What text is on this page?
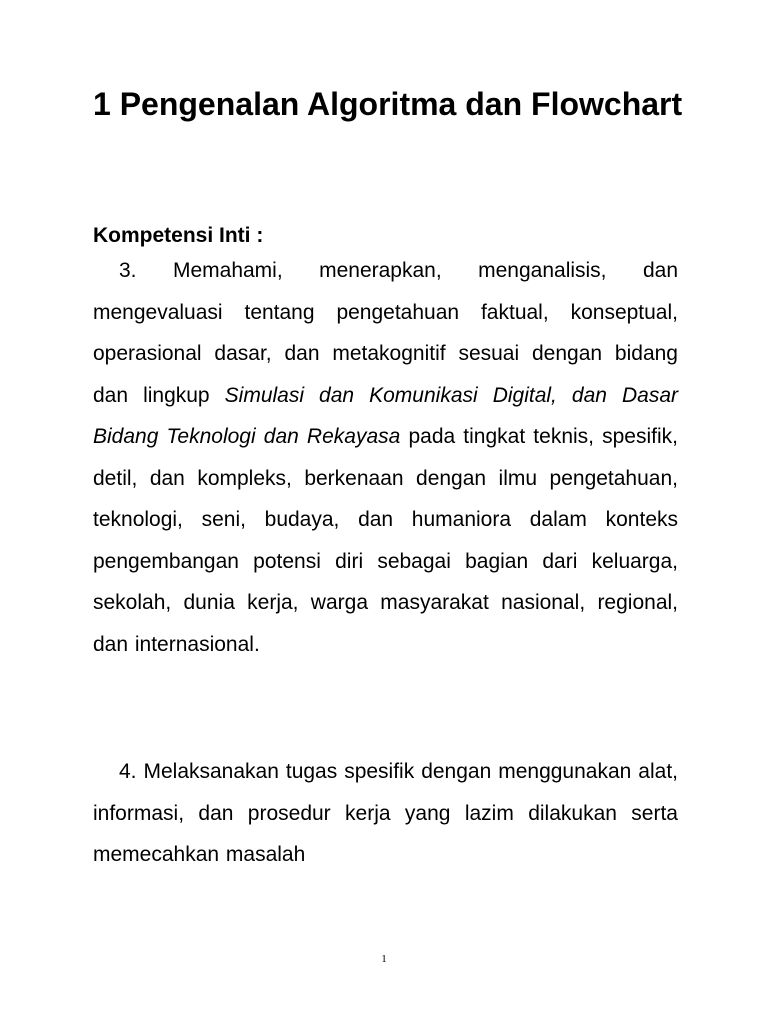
1 Pengenalan Algoritma dan Flowchart
Kompetensi Inti :

3. Memahami, menerapkan, menganalisis, dan mengevaluasi tentang pengetahuan faktual, konseptual, operasional dasar, dan metakognitif sesuai dengan bidang dan lingkup Simulasi dan Komunikasi Digital, dan Dasar Bidang Teknologi dan Rekayasa pada tingkat teknis, spesifik, detil, dan kompleks, berkenaan dengan ilmu pengetahuan, teknologi, seni, budaya, dan humaniora dalam konteks pengembangan potensi diri sebagai bagian dari keluarga, sekolah, dunia kerja, warga masyarakat nasional, regional, dan internasional.

4. Melaksanakan tugas spesifik dengan menggunakan alat, informasi, dan prosedur kerja yang lazim dilakukan serta memecahkan masalah

1
